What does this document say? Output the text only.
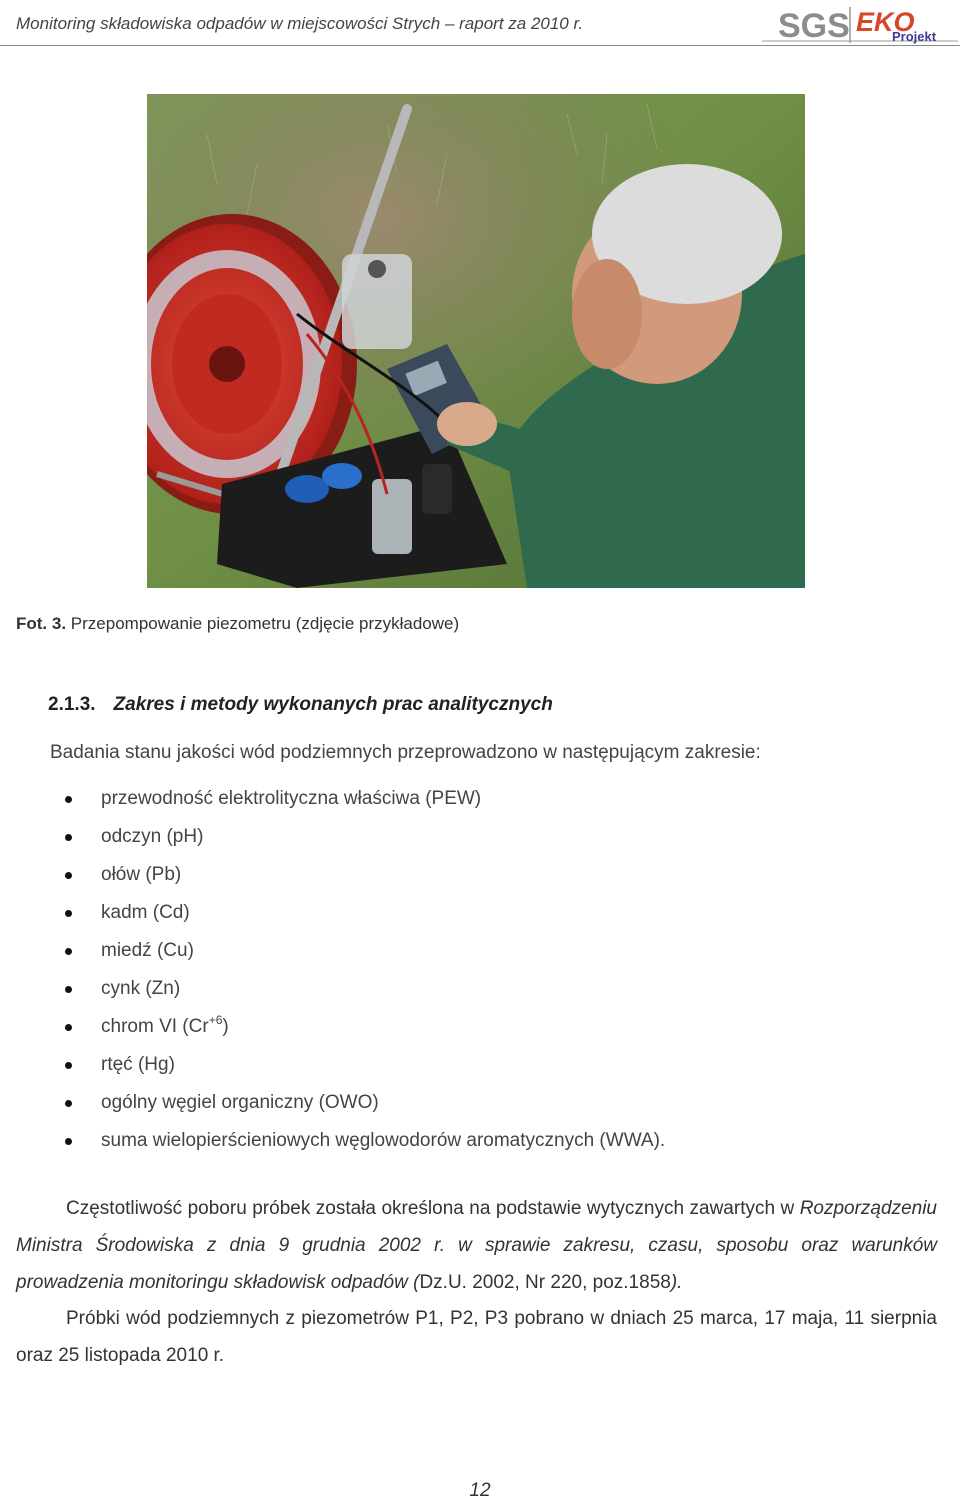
Monitoring składowiska odpadów w miejscowości Strych – raport za 2010 r.	SGS EKO
Projekt
Fot. 3. Przepompowanie piezometru (zdjęcie przykładowe)
2.1.3. Zakres i metody wykonanych prac analitycznych
Badania stanu jakości wód podziemnych przeprowadzono w następującym zakresie:
przewodność elektrolityczna właściwa (PEW)
odczyn (pH)
ołów (Pb)
kadm (Cd)
miedź (Cu)
cynk (Zn)
chrom VI $(Cr^{+6})$
rtęć (Hg)
ogólny węgiel organiczny (OWO)
suma wielopierścieniowych węglowodorów aromatycznych (WWA).
Częstotliwość poboru próbek została określona na podstawie wytycznych zawartych w Rozporządzeniu Ministra Środowiska z dnia 9 grudnia 2002 r. w sprawie zakresu, czasu, sposobu oraz warunków prowadzenia monitoringu składowisk odpadów (Dz.U. 2002, Nr 220, poz.1858).
Próbki wód podziemnych z piezometrów P1, P2, P3 pobrano w dniach 25 marca, 17 maja, 11 sierpnia oraz 25 listopada 2010 r.
12
